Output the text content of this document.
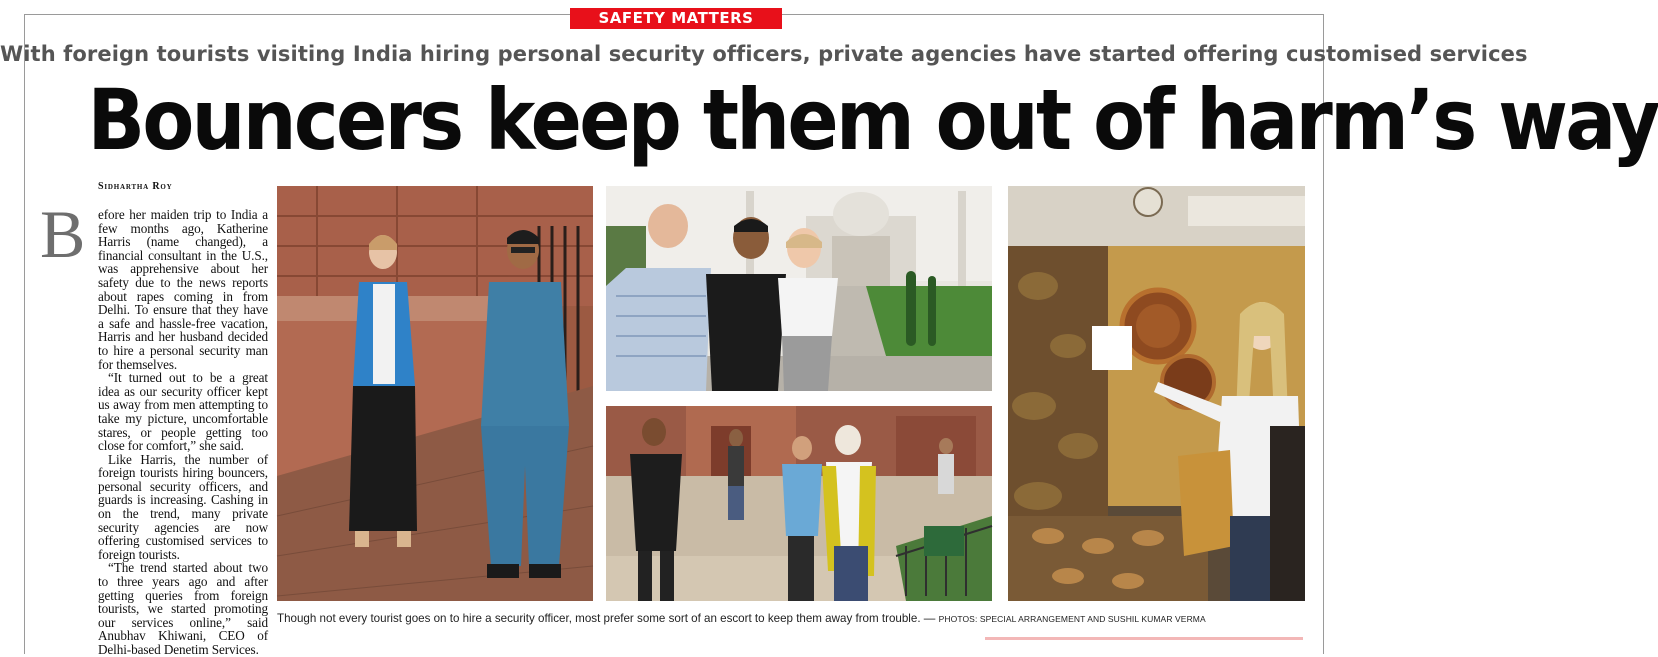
SAFETY MATTERS
With foreign tourists visiting India hiring personal security officers, private agencies have started offering customised services
Bouncers keep them out of harm’s way
Sidhartha Roy
B efore her maiden trip to India a few months ago, Katherine Harris (name changed), a financial consultant in the U.S., was apprehensive about her safety due to the news reports about rapes coming in from Delhi. To ensure that they have a safe and hassle-free vacation, Harris and her husband decided to hire a personal security man for themselves.

“It turned out to be a great idea as our security officer kept us away from men attempting to take my picture, uncomfortable stares, or people getting too close for comfort,” she said.

Like Harris, the number of foreign tourists hiring bouncers, personal security officers, and guards is increasing. Cashing in on the trend, many private security agencies are now offering customised services to foreign tourists.

“The trend started about two to three years ago and after getting queries from foreign tourists, we started promoting our services online,” said Anubhav Khiwani, CEO of Delhi-based Denetim Services.

Though not every tourist goes on to hire a security officer, most prefer some sort of an escort to keep them away from trouble. — PHOTOS: SPECIAL ARRANGEMENT AND SUSHIL KUMAR VERMA
